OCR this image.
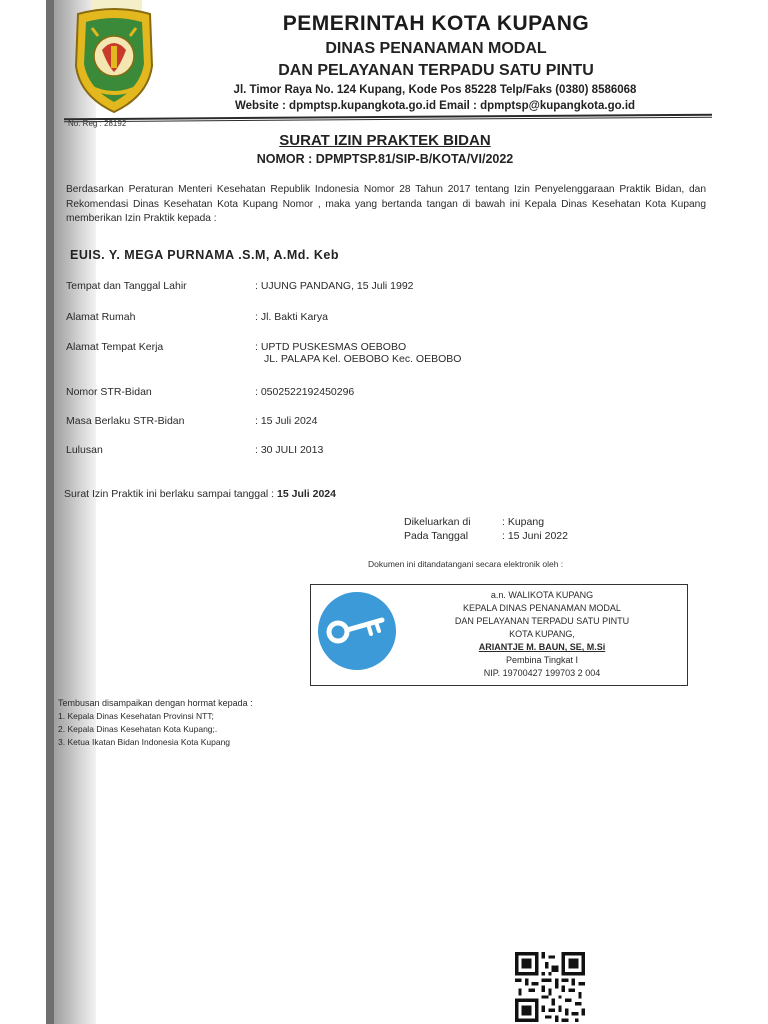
PEMERINTAH KOTA KUPANG
DINAS PENANAMAN MODAL
DAN PELAYANAN TERPADU SATU PINTU
Jl. Timor Raya No. 124 Kupang, Kode Pos 85228 Telp/Faks (0380) 8586068
Website : dpmptsp.kupangkota.go.id Email : dpmptsp@kupangkota.go.id
No. Reg : 28192
SURAT IZIN PRAKTEK BIDAN
NOMOR : DPMPTSP.81/SIP-B/KOTA/VI/2022
Berdasarkan Peraturan Menteri Kesehatan Republik Indonesia Nomor 28 Tahun 2017 tentang Izin Penyelenggaraan Praktik Bidan, dan Rekomendasi Dinas Kesehatan Kota Kupang Nomor , maka yang bertanda tangan di bawah ini Kepala Dinas Kesehatan Kota Kupang memberikan Izin Praktik kepada :
EUIS. Y. MEGA PURNAMA .S.M, A.Md. Keb
Tempat dan Tanggal Lahir	: UJUNG PANDANG, 15 Juli 1992
Alamat Rumah	: Jl. Bakti Karya
Alamat Tempat Kerja	: UPTD PUSKESMAS OEBOBO
JL. PALAPA Kel. OEBOBO Kec. OEBOBO
Nomor STR-Bidan	: 0502522192450296
Masa Berlaku STR-Bidan	: 15 Juli 2024
Lulusan	: 30 JULI 2013
Surat Izin Praktik ini berlaku sampai tanggal : 15 Juli 2024
Dikeluarkan di	: Kupang
Pada Tanggal	: 15 Juni 2022
Dokumen ini ditandatangani secara elektronik oleh :
a.n. WALIKOTA KUPANG
KEPALA DINAS PENANAMAN MODAL
DAN PELAYANAN TERPADU SATU PINTU
KOTA KUPANG,
ARIANTJE M. BAUN, SE, M.Si
Pembina Tingkat I
NIP. 19700427 199703 2 004
Tembusan disampaikan dengan hormat kepada :
1. Kepala Dinas Kesehatan Provinsi NTT;
2. Kepala Dinas Kesehatan Kota Kupang;.
3. Ketua Ikatan Bidan Indonesia Kota Kupang
